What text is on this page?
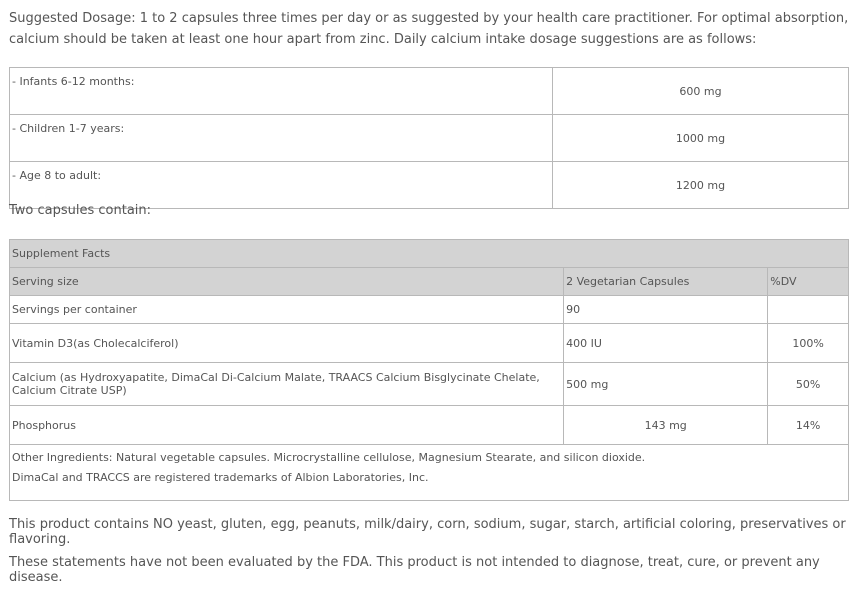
Suggested Dosage: 1 to 2 capsules three times per day or as suggested by your health care practitioner. For optimal absorption, calcium should be taken at least one hour apart from zinc. Daily calcium intake dosage suggestions are as follows:

- Infants 6-12 months:	600 mg
- Children 1-7 years:	1000 mg
- Age 8 to adult:	1200 mg

Two capsules contain:

Supplement Facts		
Serving size	2 Vegetarian Capsules	%DV
Servings per container	90	
Vitamin D3(as Cholecalciferol)	400 IU	100%
Calcium (as Hydroxyapatite, DimaCal Di-Calcium Malate, TRAACS Calcium Bisglycinate Chelate, Calcium Citrate USP)	500 mg	50%
Phosphorus	143 mg	14%

Other Ingredients: Natural vegetable capsules. Microcrystalline cellulose, Magnesium Stearate, and silicon dioxide.
DimaCal and TRACCS are registered trademarks of Albion Laboratories, Inc.		

This product contains NO yeast, gluten, egg, peanuts, milk/dairy, corn, sodium, sugar, starch, artificial coloring, preservatives or flavoring.

These statements have not been evaluated by the FDA. This product is not intended to diagnose, treat, cure, or prevent any disease.
